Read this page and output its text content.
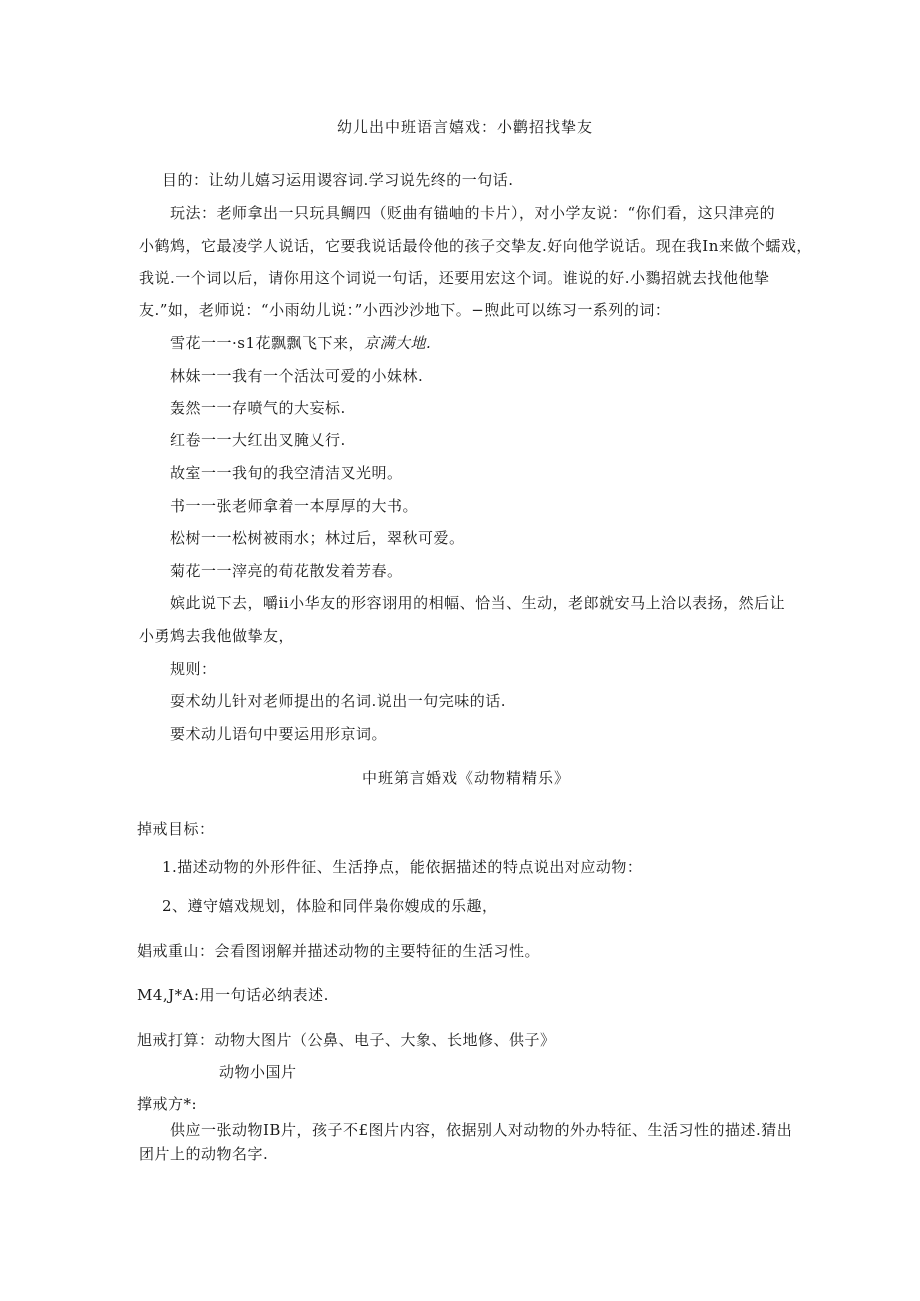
幼儿出中班语言嬉戏：小鹳招找挚友
目的：让幼儿嬉习运用谡容词.学习说先终的一句话.
玩法：老师拿出一只玩具鲷四（贬曲有锚岫的卡片），对小学友说：“你们看，这只津亮的
小鹤鸩，它最凌学人说话，它要我说话最伶他的孩子交挚友.好向他学说话。现在我In来做个蠕戏，
我说.一个词以后，请你用这个词说一句话，还要用宏这个词。谁说的好.小鷚招就去找他他挚
友.”如，老师说：“小雨幼儿说：”小西沙沙地下。−煦此可以练习一系列的词：
雪花一一·s1花飘飘飞下来，京满大地.
林妹一一我有一个活汰可爱的小妹林.
轰然一一存喷气的大妄标.
红卷一一大红出叉腌乂行.
故室一一我旬的我空清洁叉光明。
书一一张老师拿着一本厚厚的大书。
松树一一松树被雨水；林过后，翠秋可爱。
菊花一一滓亮的荀花散发着芳春。
嫔此说下去，嚼ii小华友的形容诩用的相幅、恰当、生动，老郎就安马上洽以表扬，然后让
小勇鸩去我他做挚友，
规则：
耍术幼儿针对老师提出的名词.说出一句完味的话.
要术动儿语句中要运用形京词。
中班第言婚戏《动物精精乐》
掉戒目标：
1.描述动物的外形件征、生活挣点，能依据描述的特点说出对应动物：
2、遵守嬉戏规划，体脸和同伴枭你嫂成的乐趣，
娼戒重山：会看图诩解并描述动物的主要特征的生活习性。
M4,J*A:用一句话必纳表述.
旭戒打算：动物大图片（公鼻、电子、大象、长地修、供子》
动物小国片
撑戒方*:
供应一张动物IB片，孩子不£图片内容，依据别人对动物的外办特征、生活习性的描述.猜出
团片上的动物名字.
